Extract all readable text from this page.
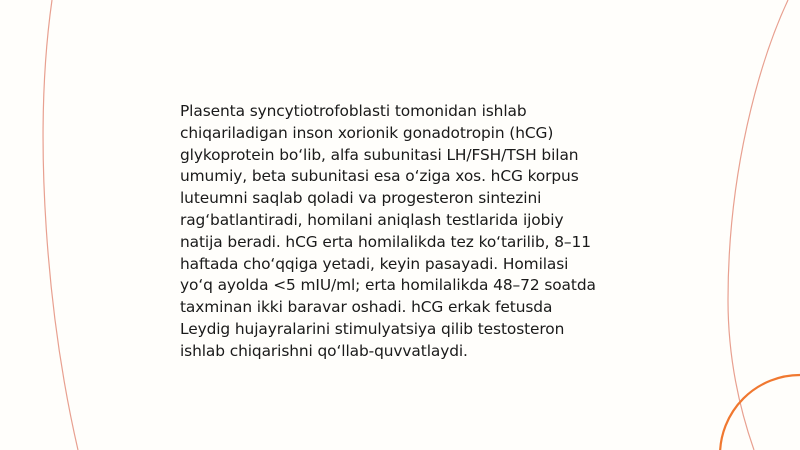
Plasenta syncytiotrofoblasti tomonidan ishlab
chiqariladigan inson xorionik gonadotropin (hCG)
glykoprotein bo‘lib, alfa subunitasi LH/FSH/TSH bilan
umumiy, beta subunitasi esa o‘ziga xos. hCG korpus
luteumni saqlab qoladi va progesteron sintezini
rag‘batlantiradi, homilani aniqlash testlarida ijobiy
natija beradi. hCG erta homilalikda tez ko‘tarilib, 8–11
haftada cho‘qqiga yetadi, keyin pasayadi. Homilasi
yo‘q ayolda <5 mIU/ml; erta homilalikda 48–72 soatda
taxminan ikki baravar oshadi. hCG erkak fetusda
Leydig hujayralarini stimulyatsiya qilib testosteron
ishlab chiqarishni qo‘llab-quvvatlaydi.
